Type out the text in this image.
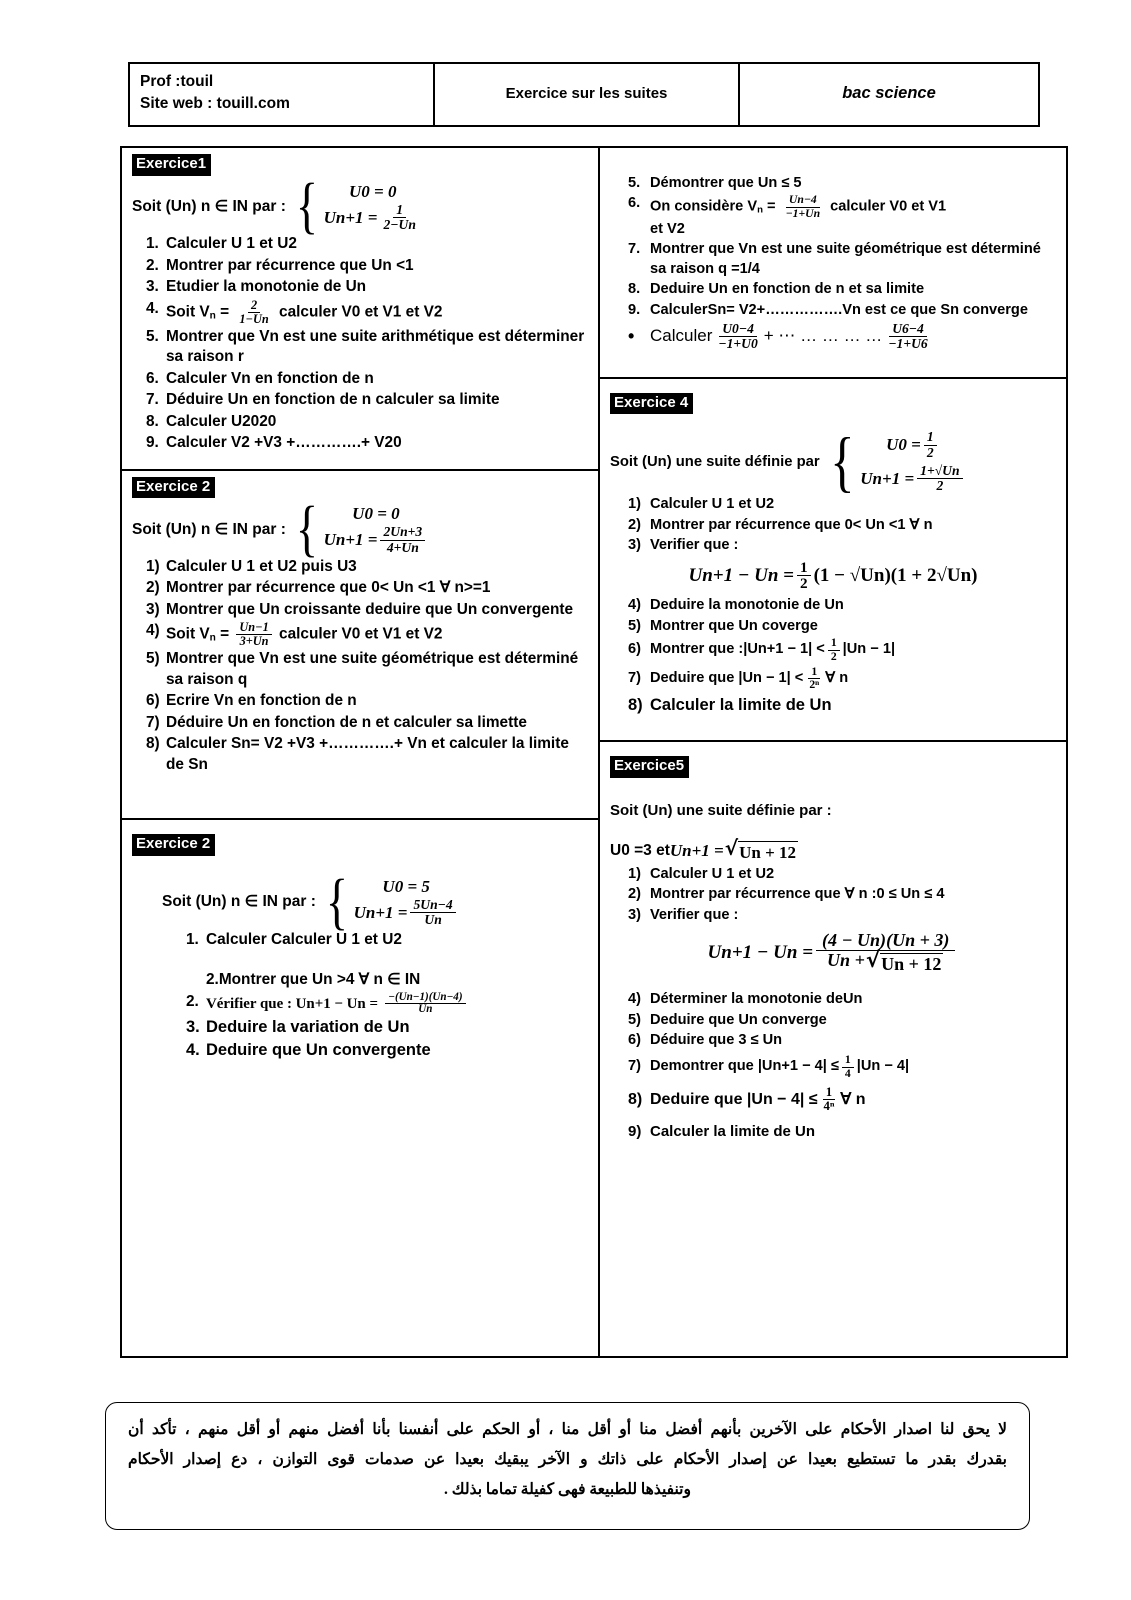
Prof :touil
Site web : touill.com
Exercice sur les suites	bac science
Exercice1
Soit (Un) n ∈ IN par : {	U0 = 0
$Un+1 = \frac{1}{2-Un}$
1. Calculer U 1 et U2
2. Montrer par récurrence que Un <1
3. Etudier la monotonie de Un
4. Soit $V_n = \frac{2}{1-Un}$ calculer V0 et V1 et V2
5. Montrer que Vn est une suite arithmétique est déterminer sa raison r
6. Calculer Vn en fonction de n
7. Déduire Un en fonction de n calculer sa limite
8. Calculer U2020
9. Calculer V2 +V3 +………….+ V20
Exercice 2
Soit (Un) n ∈ IN par : {	U0 = 0
$Un+1 = \frac{2Un+3}{4+Un}$
1) Calculer U 1 et U2 puis U3
2) Montrer par récurrence que 0< Un <1 ∀ n>=1
3) Montrer que Un croissante deduire que Un convergente
4) Soit $V_n = \frac{Un-1}{3+Un}$ calculer V0 et V1 et V2
5) Montrer que Vn est une suite géométrique est déterminé sa raison q
6) Ecrire Vn en fonction de n
7) Déduire Un en fonction de n et calculer sa limette
8) Calculer Sn= V2 +V3 +………….+ Vn et calculer la limite de Sn
Exercice 2
Soit (Un) n ∈ IN par : {	U0 = 5
$Un+1 = \frac{5Un-4}{Un}$
1. Calculer Calculer U 1 et U2
2.Montrer que Un >4 ∀ n ∈ IN
2. Vérifier que : $Un+1 - Un = \frac{-(Un-1)(Un-4)}{Un}$
3. Deduire la variation de Un
4. Deduire que Un convergente
5. Démontrer que Un ≤ 5
6. On considère $V_n = \frac{Un-4}{-1+Un}$ calculer V0 et V1
et V2
7. Montrer que Vn est une suite géométrique est déterminé sa raison q =1/4
8. Deduire Un en fonction de n et sa limite
9. CalculerSn= V2+…………….Vn est ce que Sn converge
• Calculer $\frac{U0-4}{-1+U0}$ + ⋯ … … … … $\frac{U6-4}{-1+U6}$
Exercice 4
Soit (Un) une suite définie par { $U0 = \frac{1}{2}$
$Un+1 = \frac{1+√Un}{2}$
1) Calculer U 1 et U2
2) Montrer par récurrence que 0< Un <1 ∀ n
3) Verifier que :
$Un+1 - Un = \frac{1}{2} (1 - √Un)(1 + 2√Un)$
4) Deduire la monotonie de Un
5) Montrer que Un coverge
6) Montrer que :|Un+1 − $1| < \frac{1}{2} |Un - 1|$
7) Deduire que $|Un - 1| < \frac{1}{\text{2ⁿ}}$ ∀ n
8) Calculer la limite de Un
Exercice5
Soit (Un) une suite définie par :
U0 =3 et Un+1 = √ Un + 12
1) Calculer U 1 et U2
2) Montrer par récurrence que ∀ n :0 ≤ Un ≤ 4
3) Verifier que :
Un+1 − Un =
(4 − Un)(Un + 3)
Un + √ Un + 12
4) Déterminer la monotonie deUn
5) Deduire que Un converge
6) Déduire que 3 ≤ Un
7) Demontrer que $|Un+1 - 4| \le \frac{1}{4} |Un - 4|$
8) Deduire que $|Un - 4| \le \frac{1}{\text{4ⁿ}}$ ∀ n
9) Calculer la limite de Un
لا يحق لنا اصدار الأحكام على الآخرين بأنهم أفضل منا أو أقل منا ، أو الحكم على أنفسنا بأنا أفضل منهم أو أقل منهم ، تأكد أن
بقدرك بقدر ما تستطيع بعيدا عن إصدار الأحكام على ذاتك و الآخر يبقيك بعيدا عن صدمات قوى التوازن ، دع إصدار الأحكام
وتنفيذها للطبيعة فهى كفيلة تماما بذلك .
